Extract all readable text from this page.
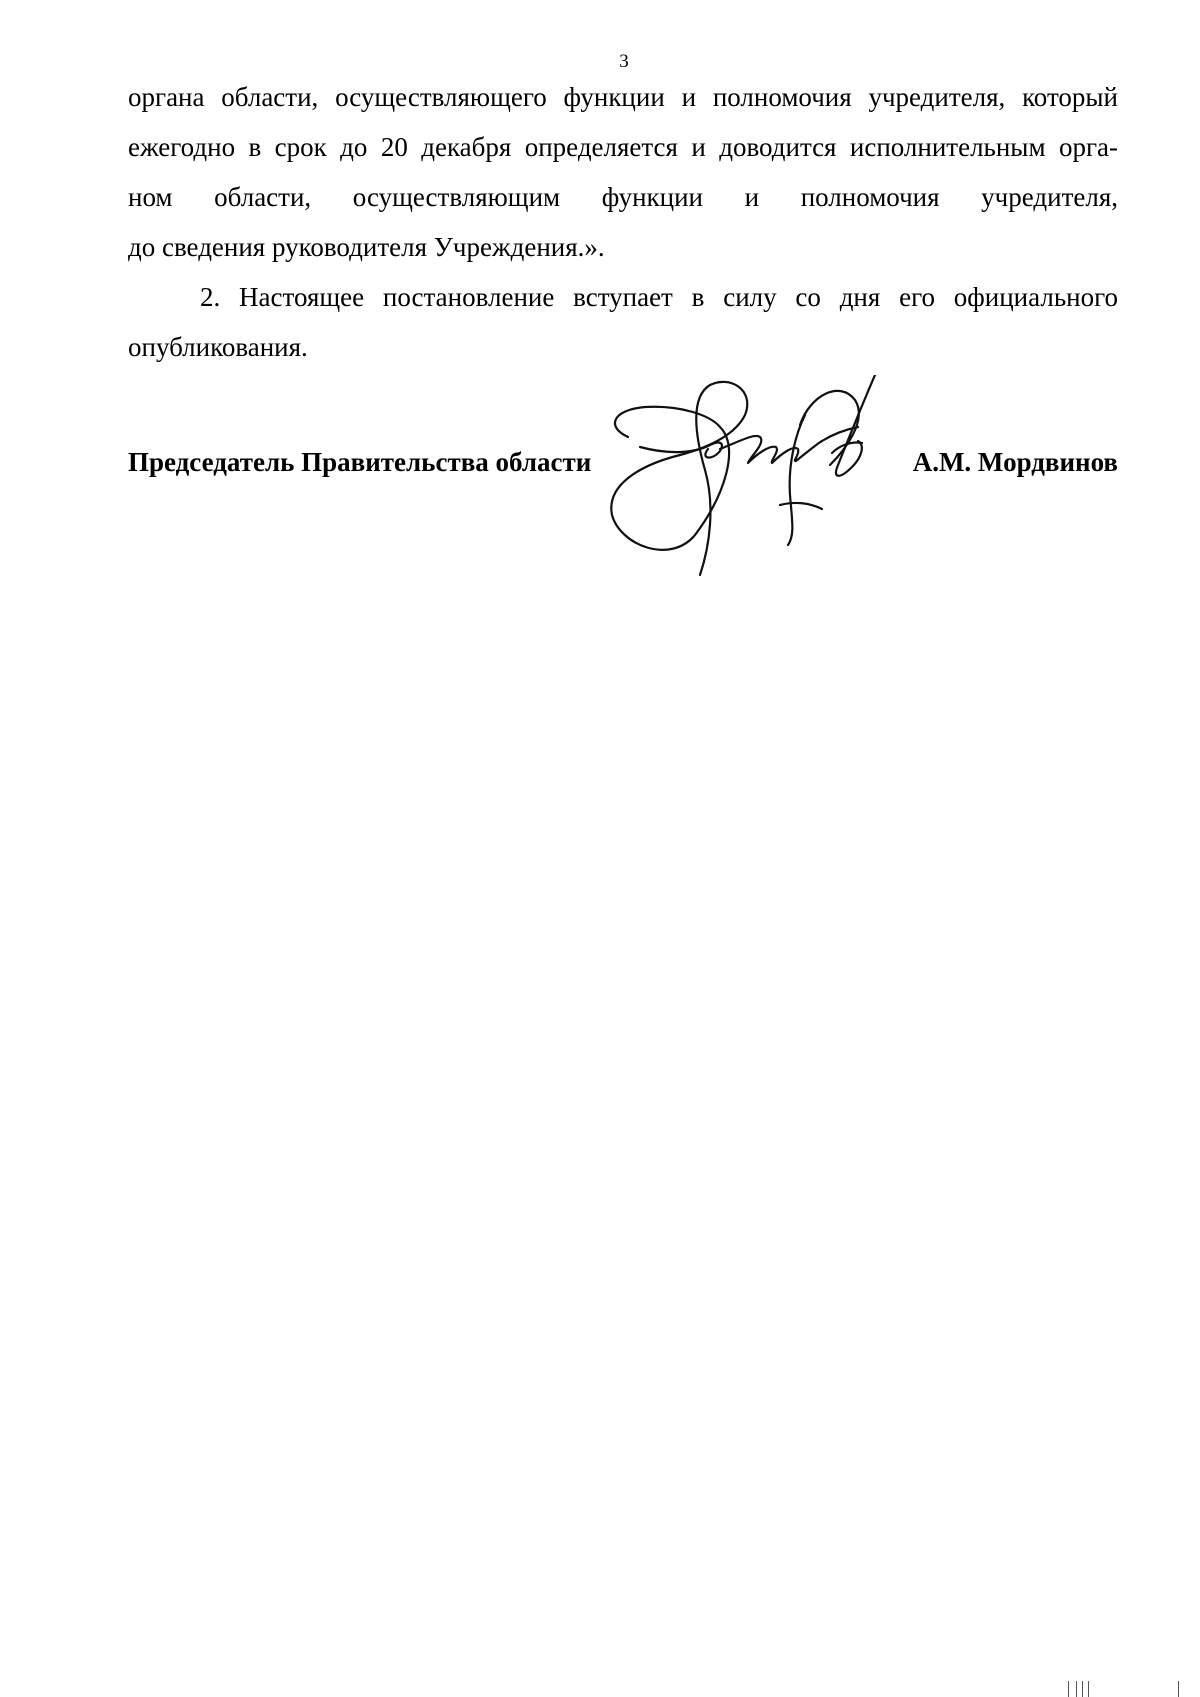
3

органа области, осуществляющего функции и полномочия учредителя, который
ежегодно в срок до 20 декабря определяется и доводится исполнительным орга-
ном области, осуществляющим функции и полномочия учредителя,
до сведения руководителя Учреждения.».

2. Настоящее постановление вступает в силу со дня его официального
опубликования.

Председатель Правительства области	А.М. Мордвинов
